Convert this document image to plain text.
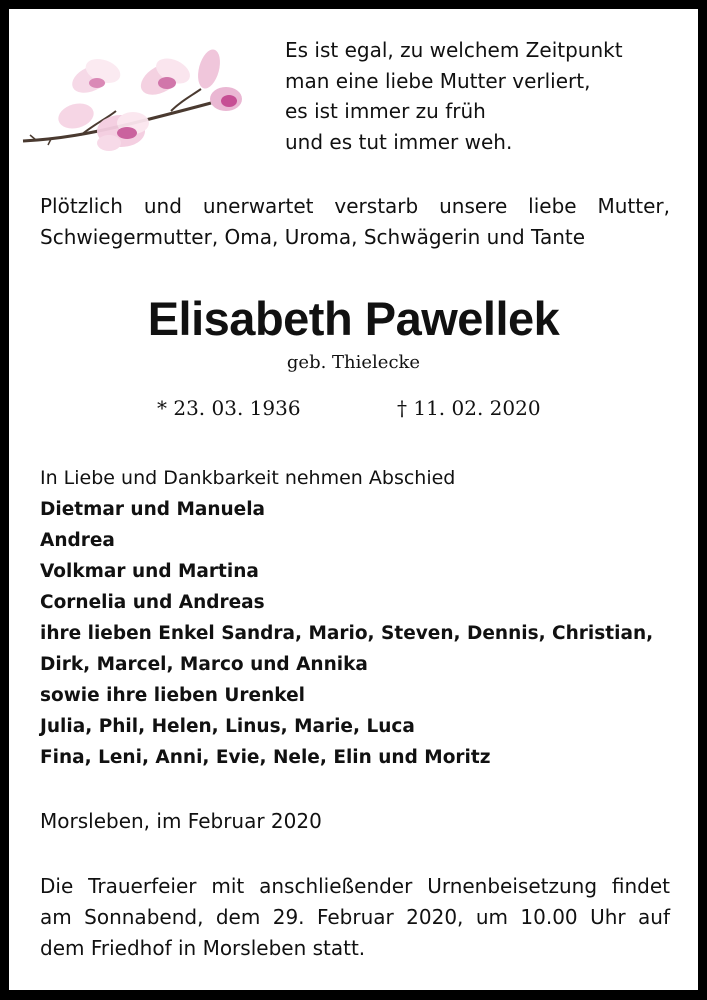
Es ist egal, zu welchem Zeitpunkt
man eine liebe Mutter verliert,
es ist immer zu früh
und es tut immer weh.
Plötzlich und unerwartet verstarb unsere liebe Mutter,
Schwiegermutter, Oma, Uroma, Schwägerin und Tante
Elisabeth Pawellek
geb. Thielecke
* 23. 03. 1936	† 11. 02. 2020
In Liebe und Dankbarkeit nehmen Abschied
Dietmar und Manuela
Andrea
Volkmar und Martina
Cornelia und Andreas
ihre lieben Enkel Sandra, Mario, Steven, Dennis, Christian,
Dirk, Marcel, Marco und Annika
sowie ihre lieben Urenkel
Julia, Phil, Helen, Linus, Marie, Luca
Fina, Leni, Anni, Evie, Nele, Elin und Moritz
Morsleben, im Februar 2020
Die Trauerfeier mit anschließender Urnenbeisetzung findet
am Sonnabend, dem 29. Februar 2020, um 10.00 Uhr auf
dem Friedhof in Morsleben statt.
